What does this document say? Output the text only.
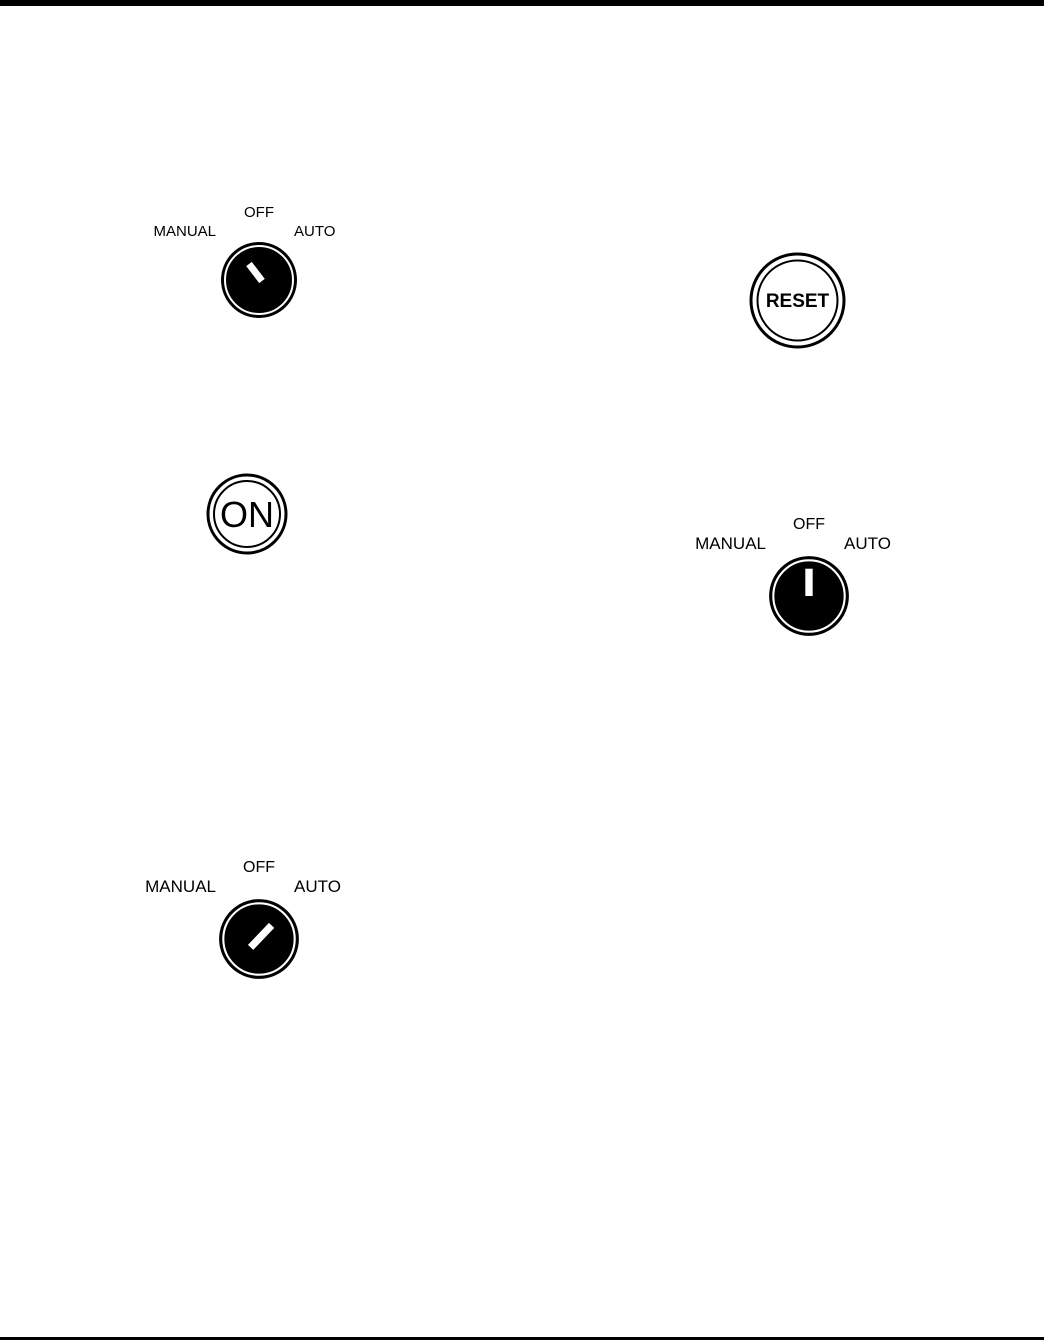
MANUAL
OFF
AUTO
RESET
ON
MANUAL
OFF
AUTO
MANUAL
OFF
AUTO
